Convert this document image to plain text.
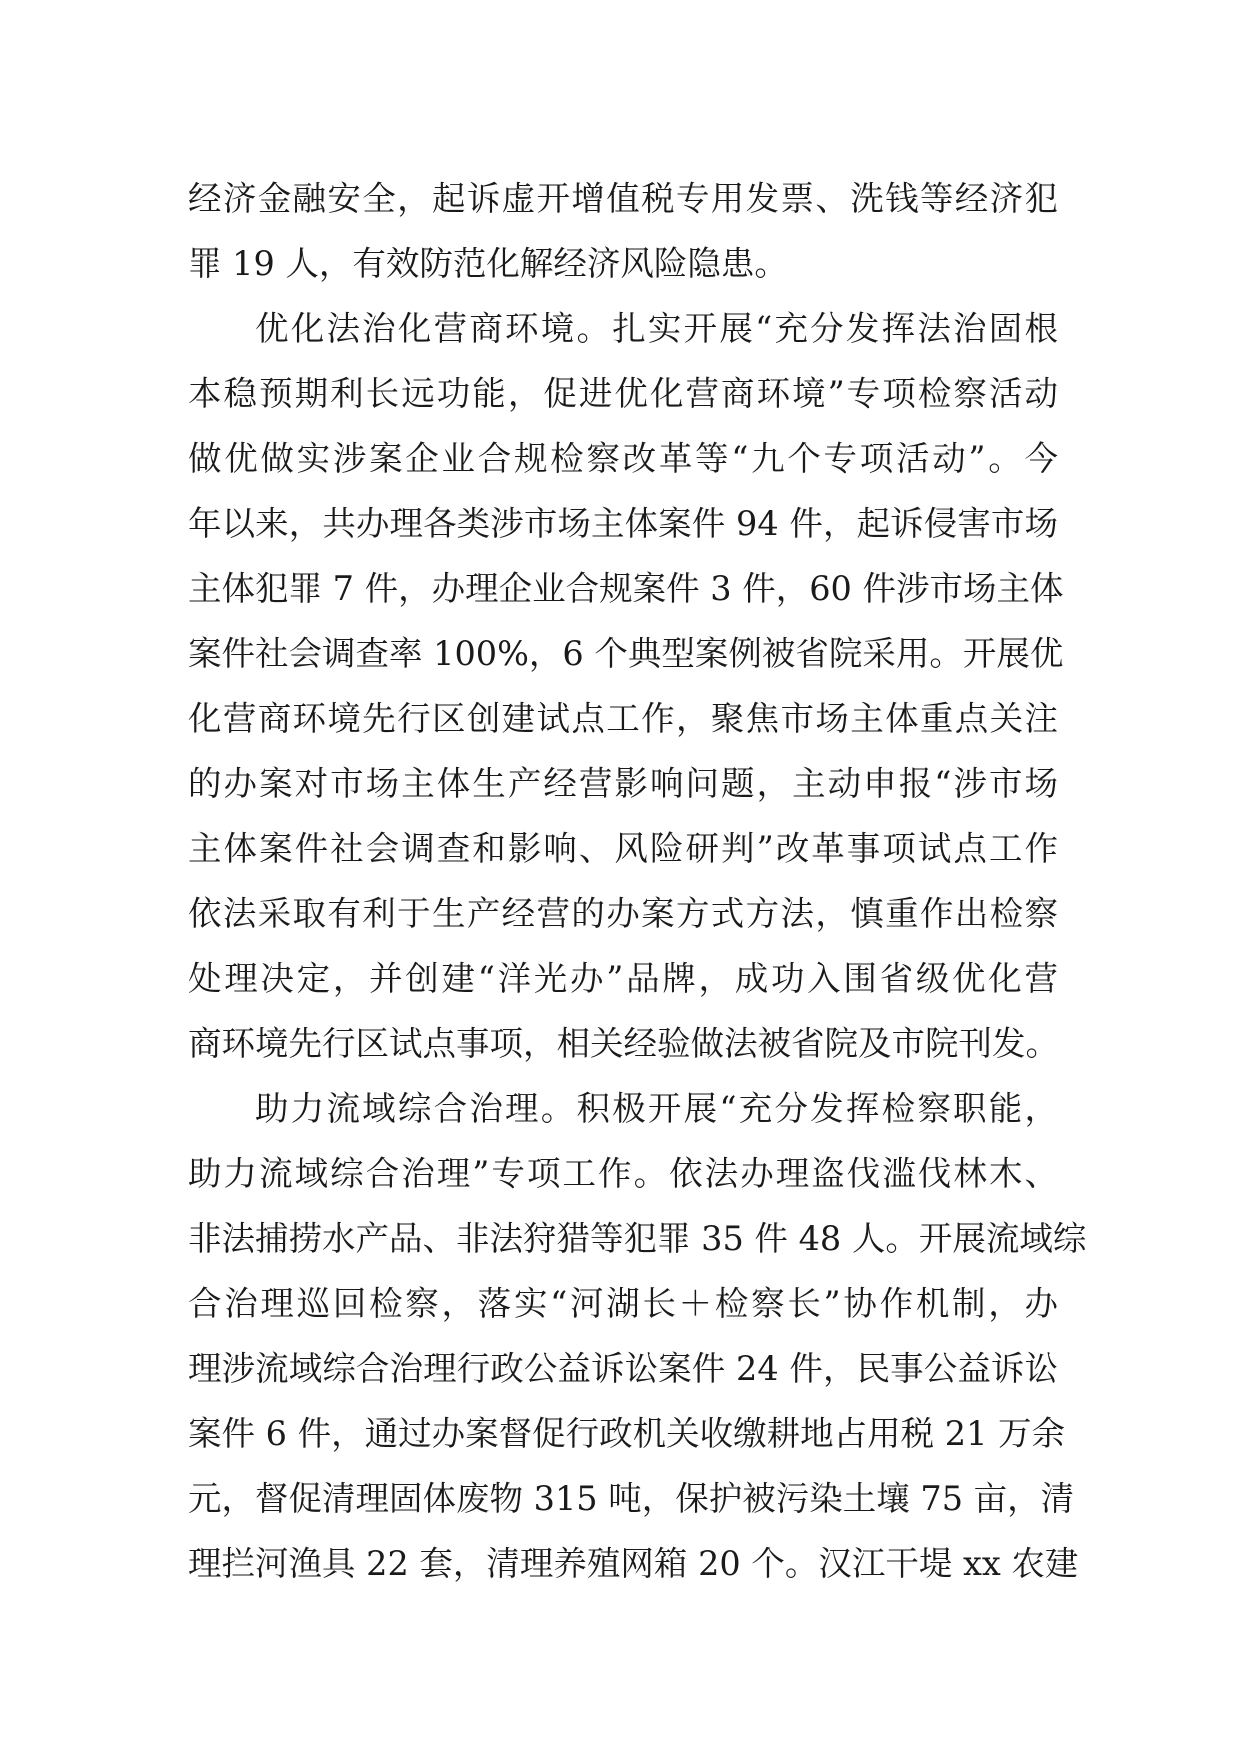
经济金融安全，起诉虚开增值税专用发票、洗钱等经济犯
罪 19 人，有效防范化解经济风险隐患。
优化法治化营商环境。扎实开展“充分发挥法治固根
本稳预期利长远功能，促进优化营商环境”专项检察活动
做优做实涉案企业合规检察改革等“九个专项活动”。今
年以来，共办理各类涉市场主体案件 94 件，起诉侵害市场
主体犯罪 7 件，办理企业合规案件 3 件，60 件涉市场主体
案件社会调查率 100%，6 个典型案例被省院采用。开展优
化营商环境先行区创建试点工作，聚焦市场主体重点关注
的办案对市场主体生产经营影响问题，主动申报“涉市场
主体案件社会调查和影响、风险研判”改革事项试点工作
依法采取有利于生产经营的办案方式方法，慎重作出检察
处理决定，并创建“洋光办”品牌，成功入围省级优化营
商环境先行区试点事项，相关经验做法被省院及市院刊发。
助力流域综合治理。积极开展“充分发挥检察职能，
助力流域综合治理”专项工作。依法办理盗伐滥伐林木、
非法捕捞水产品、非法狩猎等犯罪 35 件 48 人。开展流域综
合治理巡回检察，落实“河湖长＋检察长”协作机制，办
理涉流域综合治理行政公益诉讼案件 24 件，民事公益诉讼
案件 6 件，通过办案督促行政机关收缴耕地占用税 21 万余
元，督促清理固体废物 315 吨，保护被污染土壤 75 亩，清
理拦河渔具 22 套，清理养殖网箱 20 个。汉江干堤 xx 农建
